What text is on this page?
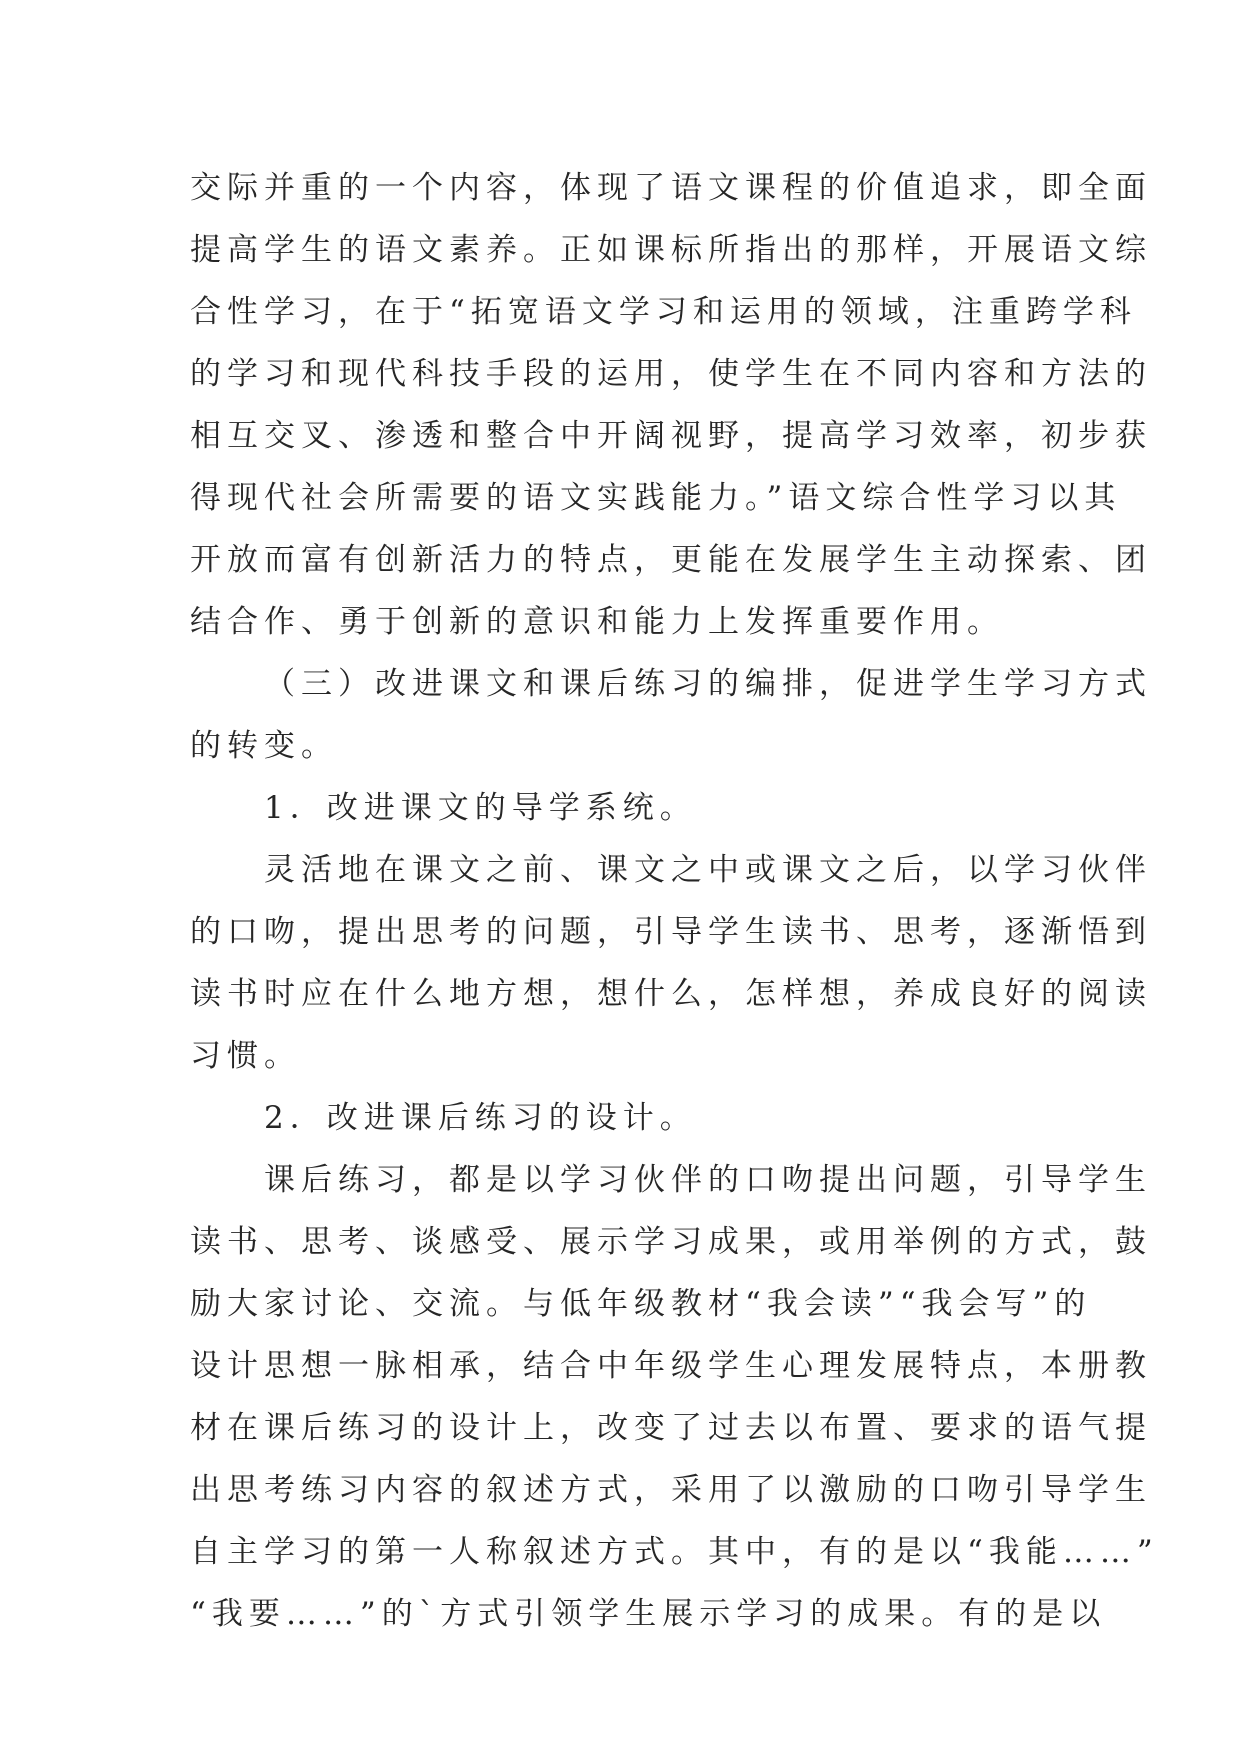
交际并重的一个内容，体现了语文课程的价值追求，即全面
提高学生的语文素养。正如课标所指出的那样，开展语文综
合性学习，在于“拓宽语文学习和运用的领域，注重跨学科
的学习和现代科技手段的运用，使学生在不同内容和方法的
相互交叉、渗透和整合中开阔视野，提高学习效率，初步获
得现代社会所需要的语文实践能力。”语文综合性学习以其
开放而富有创新活力的特点，更能在发展学生主动探索、团
结合作、勇于创新的意识和能力上发挥重要作用。
（三）改进课文和课后练习的编排，促进学生学习方式
的转变。
1．改进课文的导学系统。
灵活地在课文之前、课文之中或课文之后，以学习伙伴
的口吻，提出思考的问题，引导学生读书、思考，逐渐悟到
读书时应在什么地方想，想什么，怎样想，养成良好的阅读
习惯。
2．改进课后练习的设计。
课后练习，都是以学习伙伴的口吻提出问题，引导学生
读书、思考、谈感受、展示学习成果，或用举例的方式，鼓
励大家讨论、交流。与低年级教材“我会读”“我会写”的
设计思想一脉相承，结合中年级学生心理发展特点，本册教
材在课后练习的设计上，改变了过去以布置、要求的语气提
出思考练习内容的叙述方式，采用了以激励的口吻引导学生
自主学习的第一人称叙述方式。其中，有的是以“我能……”
“我要……”的`方式引领学生展示学习的成果。有的是以
